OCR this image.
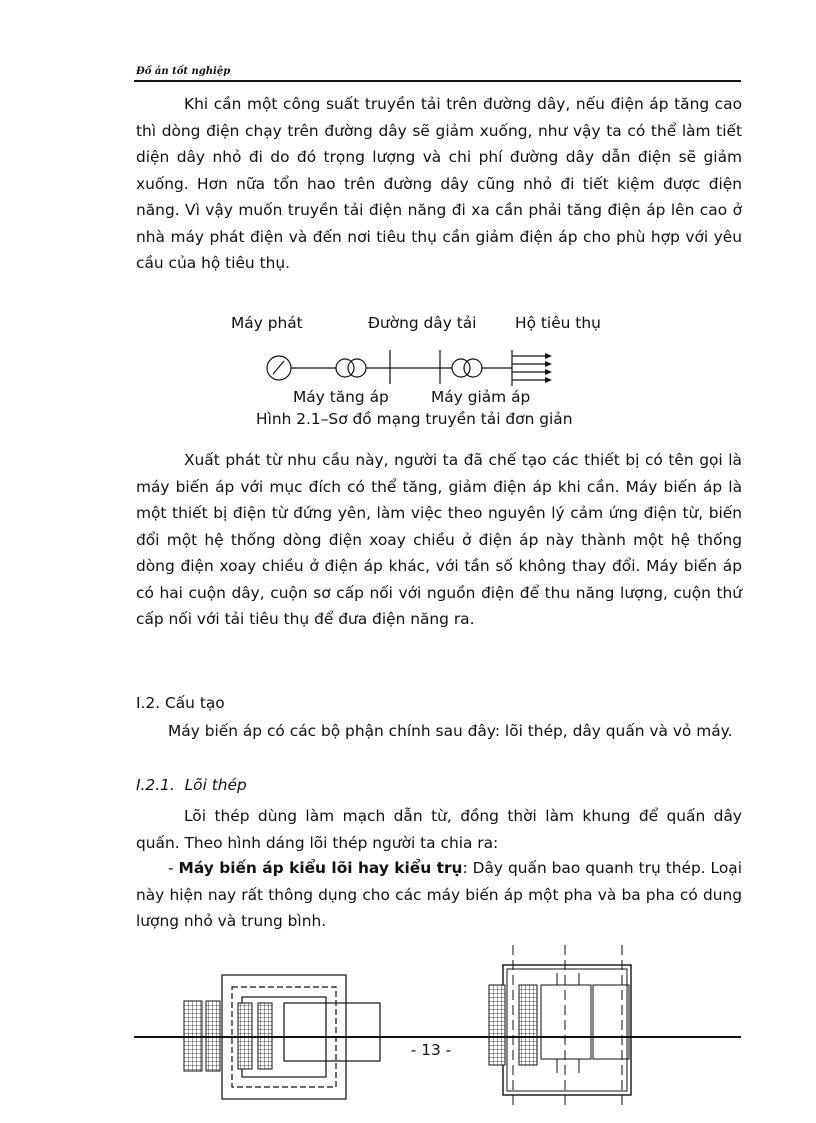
Đồ án tốt nghiệp

Khi cần một công suất truyền tải trên đường dây, nếu điện áp tăng cao thì dòng điện chạy trên đường dây sẽ giảm xuống, như vậy ta có thể làm tiết diện dây nhỏ đi do đó trọng lượng và chi phí đường dây dẫn điện sẽ giảm xuống. Hơn nữa tổn hao trên đường dây cũng nhỏ đi tiết kiệm được điện năng. Vì vậy muốn truyền tải điện năng đi xa cần phải tăng điện áp lên cao ở nhà máy phát điện và đến nơi tiêu thụ cần giảm điện áp cho phù hợp với yêu cầu của hộ tiêu thụ.

Máy phát	Đường dây tải	Hộ tiêu thụ
Máy tăng áp	Máy giảm áp
Hình 2.1–Sơ đồ mạng truyền tải đơn giản

Xuất phát từ nhu cầu này, người ta đã chế tạo các thiết bị có tên gọi là máy biến áp với mục đích có thể tăng, giảm điện áp khi cần. Máy biến áp là một thiết bị điện từ đứng yên, làm việc theo nguyên lý cảm ứng điện từ, biến đổi một hệ thống dòng điện xoay chiều ở điện áp này thành một hệ thống dòng điện xoay chiều ở điện áp khác, với tần số không thay đổi. Máy biến áp có hai cuộn dây, cuộn sơ cấp nối với nguồn điện để thu năng lượng, cuộn thứ cấp nối với tải tiêu thụ để đưa điện năng ra.

I.2. Cấu tạo

Máy biến áp có các bộ phận chính sau đây: lõi thép, dây quấn và vỏ máy.

I.2.1. Lõi thép

Lõi thép dùng làm mạch dẫn từ, đồng thời làm khung để quấn dây quấn. Theo hình dáng lõi thép người ta chia ra:

- Máy biến áp kiểu lõi hay kiểu trụ: Dây quấn bao quanh trụ thép. Loại này hiện nay rất thông dụng cho các máy biến áp một pha và ba pha có dung lượng nhỏ và trung bình.

- 13 -
